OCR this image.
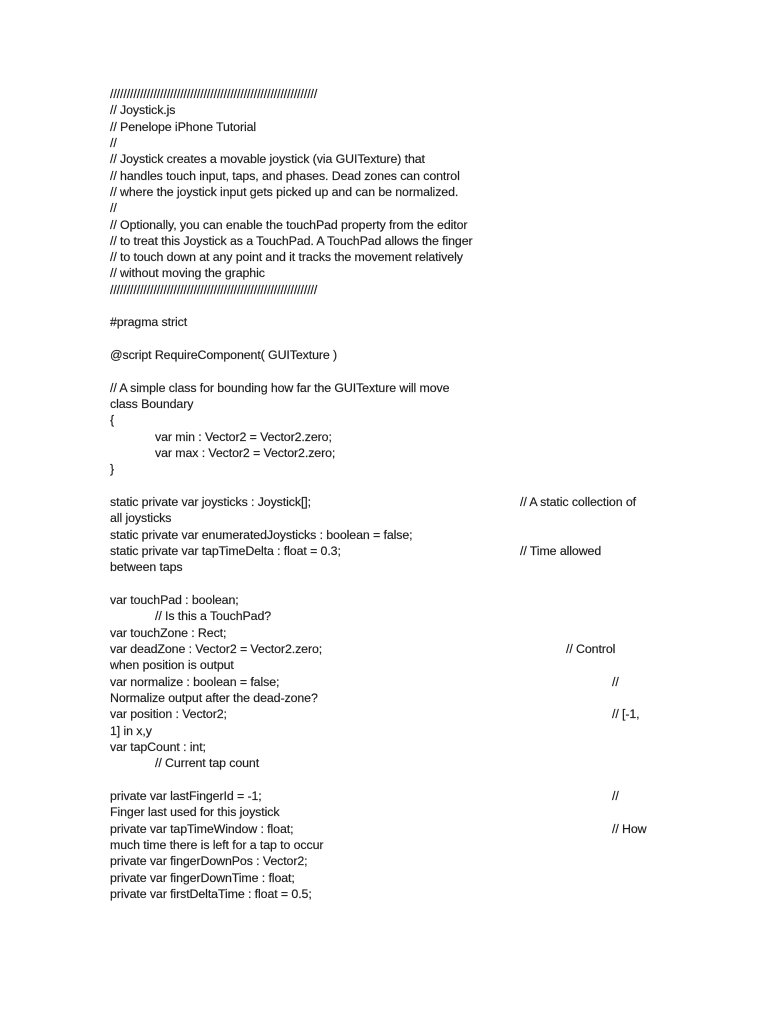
//////////////////////////////////////////////////////////////
// Joystick.js
// Penelope iPhone Tutorial
//
// Joystick creates a movable joystick (via GUITexture) that
// handles touch input, taps, and phases. Dead zones can control
// where the joystick input gets picked up and can be normalized.
//
// Optionally, you can enable the touchPad property from the editor
// to treat this Joystick as a TouchPad. A TouchPad allows the finger
// to touch down at any point and it tracks the movement relatively
// without moving the graphic
//////////////////////////////////////////////////////////////
#pragma strict
@script RequireComponent( GUITexture )
// A simple class for bounding how far the GUITexture will move
class Boundary
{
var min : Vector2 = Vector2.zero;
var max : Vector2 = Vector2.zero;
}
static private var joysticks : Joystick[];	// A static collection of
all joysticks
static private var enumeratedJoysticks : boolean = false;
static private var tapTimeDelta : float = 0.3;	// Time allowed
between taps
var touchPad : boolean;
// Is this a TouchPad?
var touchZone : Rect;
var deadZone : Vector2 = Vector2.zero;	// Control
when position is output
var normalize : boolean = false;	//
Normalize output after the dead-zone?
var position : Vector2;	// [-1,
1] in x,y
var tapCount : int;
// Current tap count
private var lastFingerId = -1;	//
Finger last used for this joystick
private var tapTimeWindow : float;	// How
much time there is left for a tap to occur
private var fingerDownPos : Vector2;
private var fingerDownTime : float;
private var firstDeltaTime : float = 0.5;
